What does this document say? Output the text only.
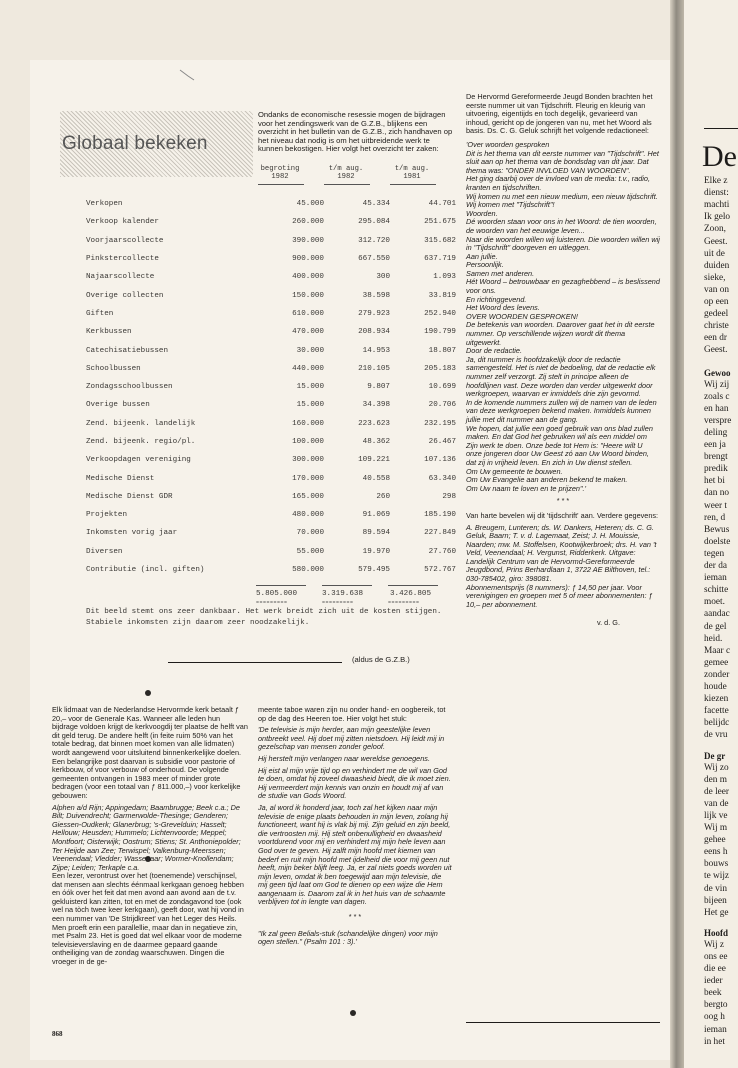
Globaal bekeken
Ondanks de economische resessie mogen de bijdragen voor het zendingswerk van de G.Z.B., blijkens een overzicht in het bulletin van de G.Z.B., zich handhaven op het niveau dat nodig is om het uitbreidende werk te kunnen bekostigen. Hier volgt het overzicht ter zaken:
begroting 1982
t/m aug. 1982
t/m aug. 1981
Verkopen	45.000	45.334	44.701
Verkoop kalender	260.000	295.084	251.675
Voorjaarscollecte	390.000	312.720	315.682
Pinkstercollecte	900.000	667.550	637.719
Najaarscollecte	400.000	300	1.093
Overige collecten	150.000	38.598	33.819
Giften	610.000	279.923	252.940
Kerkbussen	470.000	208.934	190.799
Catechisatiebussen	30.000	14.953	18.807
Schoolbussen	440.000	210.105	205.183
Zondagsschoolbussen	15.000	9.807	10.699
Overige bussen	15.000	34.398	20.706
Zend. bijeenk. landelijk	160.000	223.623	232.195
Zend. bijeenk. regio/pl.	100.000	48.362	26.467
Verkoopdagen vereniging	300.000	109.221	107.136
Medische Dienst	170.000	40.558	63.340
Medische Dienst GDR	165.000	260	298
Projekten	480.000	91.069	185.190
Inkomsten vorig jaar	70.000	89.594	227.849
Diversen	55.000	19.970	27.760
Contributie (incl. giften)	580.000	579.495	572.767
5.805.000	3.319.638	3.426.805
=========	=========	=========
Dit beeld stemt ons zeer dankbaar. Het werk breidt zich uit de kosten stijgen. Stabiele inkomsten zijn daarom zeer noodzakelijk.
(aldus de G.Z.B.)

Elk lidmaat van de Nederlandse Hervormde kerk betaalt ƒ 20,– voor de Generale Kas. Wanneer alle leden hun bijdrage voldoen krijgt de kerkvoogdij ter plaatse de helft van dit geld terug. De andere helft (in feite ruim 50% van het totale bedrag, dat binnen moet komen van alle lidmaten) wordt aangewend voor uitsluitend binnenkerkelijke doelen. Een belangrijke post daarvan is subsidie voor pastorie of kerkbouw, of voor verbouw of onderhoud. De volgende gemeenten ontvangen in 1983 meer of minder grote bedragen (voor een totaal van ƒ 811.000,–) voor kerkelijke gebouwen:

Alphen a/d Rijn; Appingedam; Baambrugge; Beek c.a.; De Bilt; Duivendrecht; Garmerwolde-Thesinge; Genderen; Giessen-Oudkerk; Glanerbrug; 's-Grevelduin; Hasselt; Hellouw; Heusden; Hummelo; Lichtenvoorde; Meppel; Montfoort; Oisterwijk; Oostrum; Stiens; St. Anthoniepolder; Ter Heijde aan Zee; Terwispel; Valkenburg-Meerssen; Veenendaal; Vledder; Wassenaar; Wormer-Knollendam; Zijpe; Leiden; Terkaple c.a.

Een lezer, verontrust over het (toenemende) verschijnsel, dat mensen aan slechts éénmaal kerkgaan genoeg hebben en óók over het feit dat men avond aan avond aan de t.v. gekluisterd kan zitten, tot en met de zondagavond toe (ook wel na tòch twee keer kerkgaan), geeft door, wat hij vond in een nummer van 'De Strijdkreet' van het Leger des Heils. Men proeft erin een parallellie, maar dan in negatieve zin, met Psalm 23. Het is goed dat wel elkaar voor de moderne televisieverslaving en de daarmee gepaard gaande ontheiliging van de zondag waarschuwen. Dingen die vroeger in de ge-

meente taboe waren zijn nu onder hand- en oogbereik, tot op de dag des Heeren toe. Hier volgt het stuk:

'De televisie is mijn herder, aan mijn geestelijke leven ontbreekt veel. Hij doet mij zitten nietsdoen. Hij leidt mij in gezelschap van mensen zonder geloof.

Hij herstelt mijn verlangen naar wereldse genoegens.

Hij eist al mijn vrije tijd op en verhindert me de wil van God te doen, omdat hij zoveel dwaasheid biedt, die ik moet zien. Hij vermeerdert mijn kennis van onzin en houdt mij af van de studie van Gods Woord.

Ja, al word ik honderd jaar, toch zal het kijken naar mijn televisie de enige plaats behouden in mijn leven, zolang hij functioneert, want hij is vlak bij mij. Zijn geluid en zijn beeld, die vertroosten mij. Hij stelt onbenulligheid en dwaasheid voortdurend voor mij en verhindert mij mijn hele leven aan God over te geven. Hij zalft mijn hoofd met kiemen van bederf en ruit mijn hoofd met ijdelheid die voor mij geen nut heeft, mijn beker blijft leeg. Ja, er zal niets goeds worden uit mijn leven, omdat ik ben toegewijd aan mijn televisie, die mij geen tijd laat om God te dienen op een wijze die Hem aangenaam is. Daarom zal ik in het huis van de schaamte verblijven tot in lengte van dagen.

* * *

"Ik zal geen Belials-stuk (schandelijke dingen) voor mijn ogen stellen." (Psalm 101 : 3).'

De Hervormd Gereformeerde Jeugd Bonden brachten het eerste nummer uit van Tijdschrift. Fleurig en kleurig van uitvoering, eigentijds en toch degelijk, gevarieerd van inhoud, gericht op de jongeren van nu, met het Woord als basis. Ds. C. G. Geluk schrijft het volgende redactioneel:

'Over woorden gesproken

Dit is het thema van dit eerste nummer van "Tijdschrift". Het sluit aan op het thema van de bondsdag van dit jaar. Dat thema was: "ONDER INVLOED VAN WOORDEN".
Het ging daarbij over de invloed van de media: t.v., radio, kranten en tijdschriften.
Wij komen nu met een nieuw medium, een nieuw tijdschrift.
Wij komen met "Tijdschrift"!
Woorden.
Dé woorden staan voor ons in het Woord: de tien woorden, de woorden van het eeuwige leven...
Naar die woorden willen wij luisteren. Die woorden willen wij in "Tijdschrift" doorgeven en uitleggen.
Aan jullie.
Persoonlijk.
Samen met anderen.
Hét Woord – betrouwbaar en gezaghebbend – is beslissend voor ons.
En richtinggevend.
Het Woord des levens.
OVER WOORDEN GESPROKEN!
De betekenis van woorden. Daarover gaat het in dit eerste nummer. Op verschillende wijzen wordt dit thema uitgewerkt.
Door de redactie.
Ja, dit nummer is hoofdzakelijk door de redactie samengesteld. Het is niet de bedoeling, dat de redactie elk nummer zelf verzorgt. Zij stelt in principe alleen de hoofdlijnen vast. Deze worden dan verder uitgewerkt door werkgroepen, waarvan er inmiddels drie zijn gevormd.
In de komende nummers zullen wij de namen van de leden van deze werkgroepen bekend maken. Inmiddels kunnen jullie met dit nummer aan de gang.
We hopen, dat jullie een goed gebruik van ons blad zullen maken. En dat God het gebruiken wil als een middel om Zijn werk te doen. Onze bede tot Hem is: "Heere wilt U onze jongeren door Uw Geest zó aan Uw Woord binden, dat zij in vrijheid leven. En zich in Uw dienst stellen.
Om Uw gemeente te bouwen.
Om Uw Evangelie aan anderen bekend te maken.
Om Uw naam te loven en te prijzen".'

* * *

Van harte bevelen wij dit 'tijdschrift' aan. Verdere gegevens:

A. Breugem, Lunteren; ds. W. Dankers, Heteren; ds. C. G. Geluk, Baarn; T. v. d. Lagemaat, Zeist; J. H. Mouissie, Naarden; mw. M. Stoffelsen, Kootwijkerbroek; drs. H. van 't Veld, Veenendaal; H. Vergunst, Ridderkerk. Uitgave: Landelijk Centrum van de Hervormd-Gereformeerde Jeugdbond, Prins Berhardlaan 1, 3722 AE Bilthoven, tel.: 030-785402, giro: 398081.
Abonnementsprijs (8 nummers): ƒ 14,50 per jaar. Voor verenigingen en groepen met 5 of meer abonnementen: ƒ 10,– per abonnement.

v. d. G.

868
De
Elke z
dienst:
machti
Ik gelo
Zoon,
Geest.
uit de
duiden
sieke,
van on
op een
gedeel
christe
een dr
Geest.
Gewoo
Wij zij
zoals c
en han
verspre
deling
een ja
brengt
predik
het bi
dan no
weer t
ren, d
Bewus
doelste
tegen
der da
ieman
schitte
moet.
aandac
de gel
heid.
Maar c
gemee
zonder
houde
kiezen
facette
belijdc
de vru
De gr
Wij zo
den m
de leer
van de
lijk ve
Wij m
gehee
eens h
bouws
te wijz
de vin
bijeen
Het ge
Hoofd
Wij z
ons ee
die ee
ieder
beek
bergto
oog h
ieman
in het
